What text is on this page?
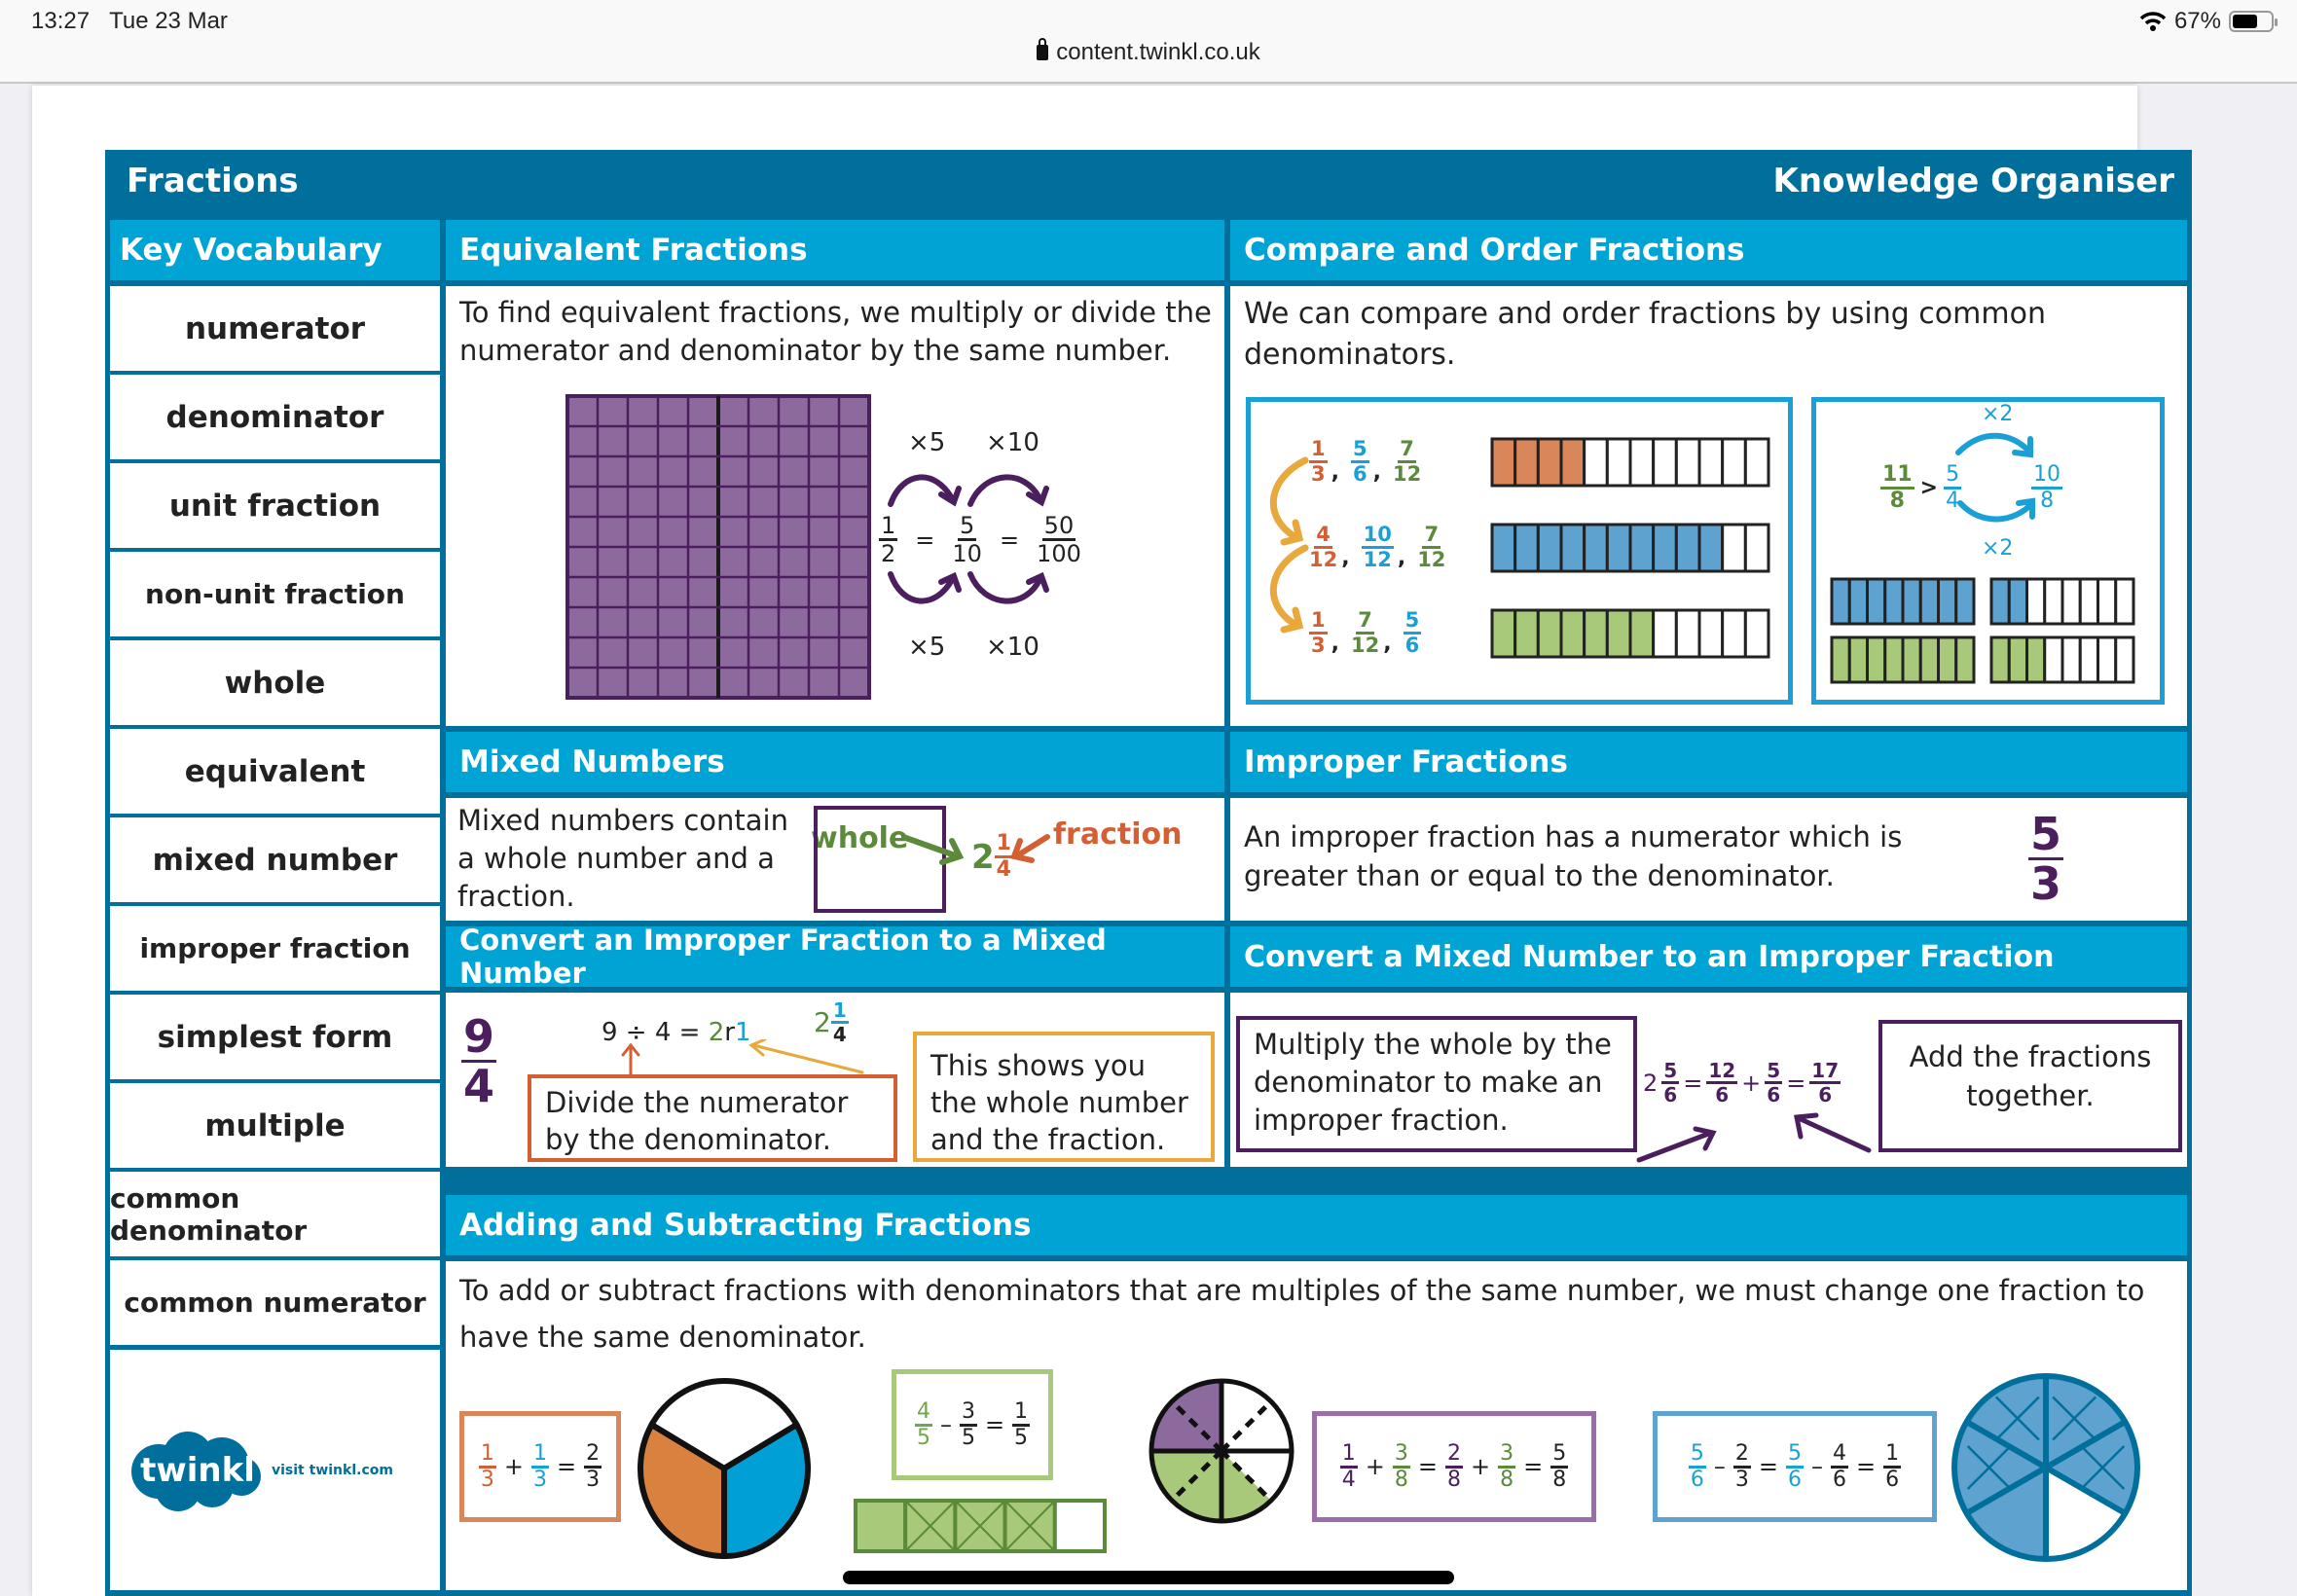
13:27 Tue 23 Mar
content.twinkl.co.uk
67%
Fractions	Knowledge Organiser
Key Vocabulary
numerator
denominator
unit fraction
non-unit fraction
whole
equivalent
mixed number
improper fraction
simplest form
multiple
common denominator
common numerator
twinkl visit twinkl.com
Equivalent Fractions
To find equivalent fractions, we multiply or divide the numerator and denominator by the same number.
×5 ×10
$\frac{1}{2} = \frac{5}{10} = \frac{50}{100}$
×5 ×10
Compare and Order Fractions
We can compare and order fractions by using common denominators.
$\frac{1}{3}$ , $\frac{5}{6}$ , $\frac{7}{12}$
$\frac{4}{12}$ , $\frac{10}{12}$ , $\frac{7}{12}$
$\frac{1}{3}$ , $\frac{7}{12}$ , $\frac{5}{6}$
×2
$\frac{11}{8} > \frac{5}{4}$	$\frac{10}{8}$
×2
Mixed Numbers
Mixed numbers contain a whole number and a fraction.
whole $2 \frac{1}{4}$ fraction
Improper Fractions
An improper fraction has a numerator which is greater than or equal to the denominator.	$\frac{5}{3}$
Convert an Improper Fraction to a Mixed Number
$\frac{9}{4}$	9 ÷ 4 = 2r1 $2 \frac{1}{4}$
Divide the numerator by the denominator.
This shows you the whole number and the fraction.
Convert a Mixed Number to an Improper Fraction
Multiply the whole by the denominator to make an improper fraction.
$2 \frac{5}{6} = \frac{12}{6} + \frac{5}{6} = \frac{17}{6}$
Add the fractions together.
Adding and Subtracting Fractions
To add or subtract fractions with denominators that are multiples of the same number, we must change one fraction to have the same denominator.
$\frac{1}{3} + \frac{1}{3} = \frac{2}{3}$
$\frac{4}{5} - \frac{3}{5} = \frac{1}{5}$
$\frac{1}{4} + \frac{3}{8} = \frac{2}{8} + \frac{3}{8} = \frac{5}{8}$	$\frac{5}{6} - \frac{2}{3} = \frac{5}{6} - \frac{4}{6} = \frac{1}{6}$
